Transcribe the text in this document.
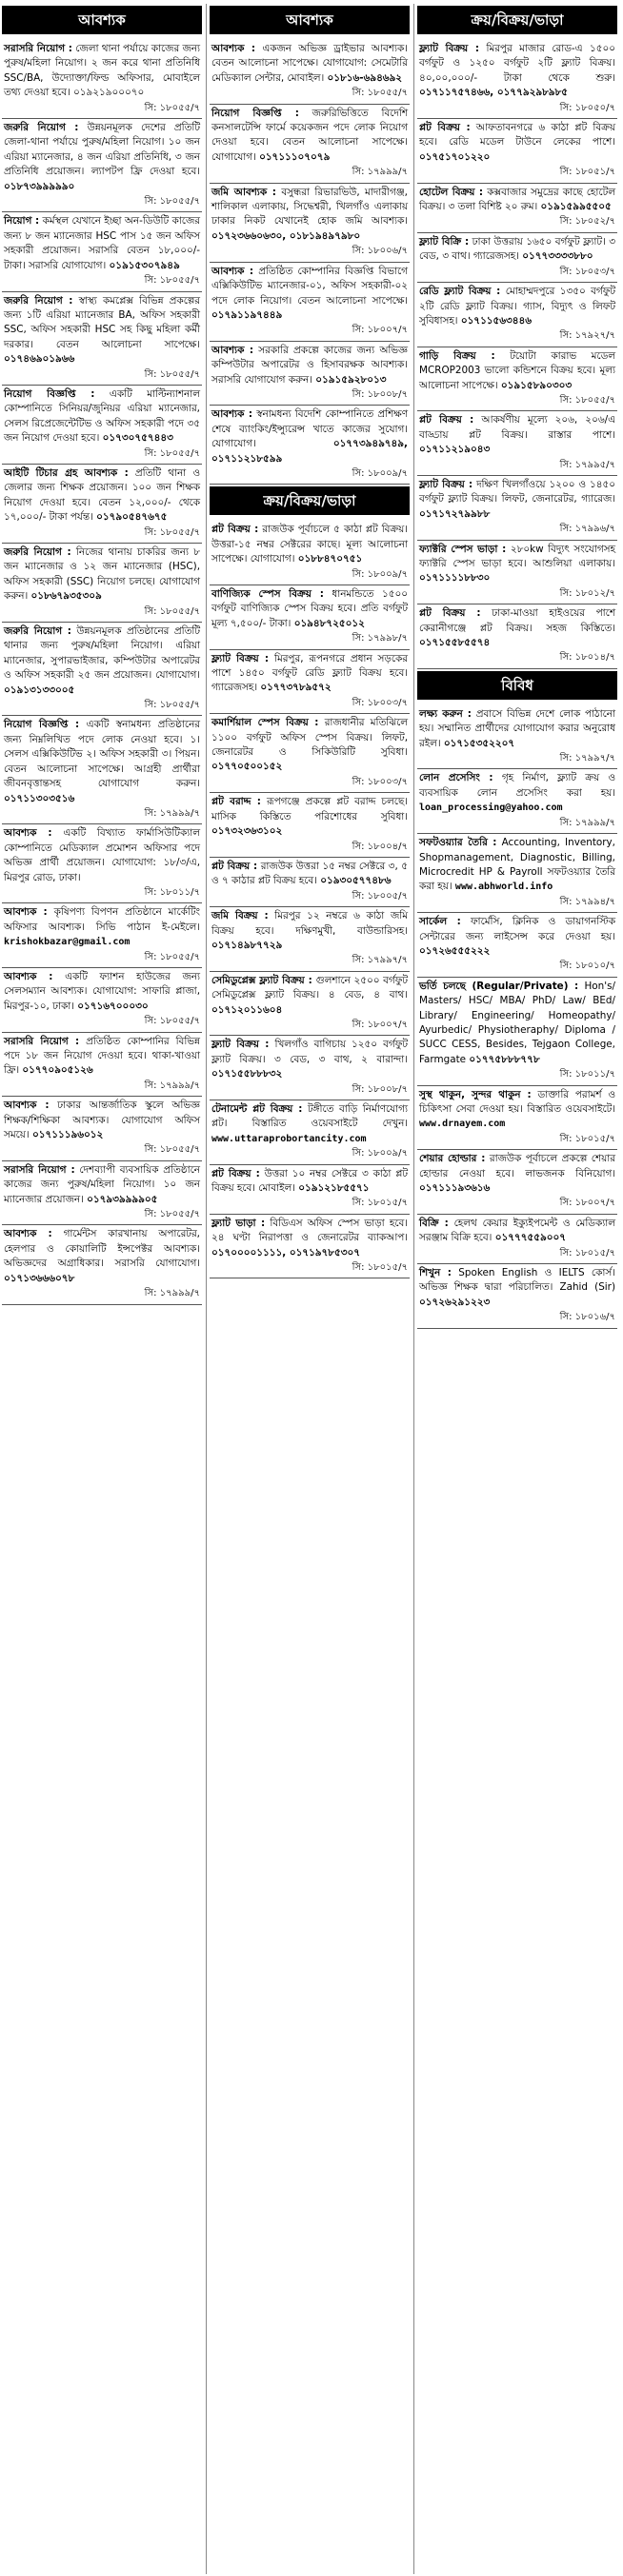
আবশ্যক
সরাসরি নিয়োগ : জেলা থানা পর্যায়ে কাজের জন্য পুরুষ/মহিলা নিয়োগ। ২ জন করে থানা প্রতিনিধি SSC/BA, উদ্যোক্তা/ফিল্ড অফিসার, মোবাইলে তথ্য দেওয়া হবে। ০১৯২১৯০০০৭০
সি: ১৮০৫৫/৭
জরুরি নিয়োগ : উন্নয়নমূলক দেশের প্রতিটি জেলা-থানা পর্যায়ে পুরুষ/মহিলা নিয়োগ। ১০ জন এরিয়া ম্যানেজার, ৪ জন এরিয়া প্রতিনিধি, ৩ জন প্রতিনিধি প্রয়োজন। ল্যাপটপ ফ্রি দেওয়া হবে। ০১৮৭৩৯৯৯৯৯০
সি: ১৮০৫৫/৭
নিয়োগ : কর্মস্থল যেখানে ইচ্ছা অন-ডিউটি কাজের জন্য ৮ জন ম্যানেজার HSC পাস ১৫ জন অফিস সহকারী প্রয়োজন। সরাসরি বেতন ১৮,০০০/- টাকা। সরাসরি যোগাযোগ। ০১৯১৫৩০৭৯৪৯
সি: ১৮০৫৫/৭
জরুরি নিয়োগ : স্বাস্থ্য কমপ্লেক্স বিভিন্ন প্রকল্পের জন্য ১টি এরিয়া ম্যানেজার BA, অফিস সহকারী SSC, অফিস সহকারী HSC সহ কিছু মহিলা কর্মী দরকার। বেতন আলোচনা সাপেক্ষে। ০১৭৪৬৯০১৯৬৬
সি: ১৮০৫৫/৭
নিয়োগ বিজ্ঞপ্তি : একটি মাল্টিন্যাশনাল কোম্পানিতে সিনিয়র/জুনিয়র এরিয়া ম্যানেজার, সেলস রিপ্রেজেন্টেটিভ ও অফিস সহকারী পদে ৩৫ জন নিয়োগ দেওয়া হবে। ০১৭৩০৭৫৭৪৪৩
সি: ১৮০৫৫/৭
আইটি টিচার গ্রহ আবশ্যক : প্রতিটি থানা ও জেলার জন্য শিক্ষক প্রয়োজন। ১০০ জন শিক্ষক নিয়োগ দেওয়া হবে। বেতন ১২,০০০/- থেকে ১৭,০০০/- টাকা পর্যন্ত। ০১৭৯০৫৪৭৬৭৫
সি: ১৮০৫৫/৭
জরুরি নিয়োগ : নিজের থানায় চাকরির জন্য ৮ জন ম্যানেজার ও ১২ জন ম্যানেজার (HSC), অফিস সহকারী (SSC) নিয়োগ চলছে। যোগাযোগ করুন। ০১৮৬৭৯৩৫৩০৯
সি: ১৮০৫৫/৭
জরুরি নিয়োগ : উন্নয়নমূলক প্রতিষ্ঠানের প্রতিটি থানার জন্য পুরুষ/মহিলা নিয়োগ। এরিয়া ম্যানেজার, সুপারভাইজার, কম্পিউটার অপারেটর ও অফিস সহকারী ২৫ জন প্রয়োজন। যোগাযোগ। ০১৯১৩১৩৩০০৫
সি: ১৮০৫৫/৭
নিয়োগ বিজ্ঞপ্তি : একটি স্বনামধন্য প্রতিষ্ঠানের জন্য নিম্নলিখিত পদে লোক নেওয়া হবে। ১। সেলস এক্সিকিউটিভ ২। অফিস সহকারী ৩। পিয়ন। বেতন আলোচনা সাপেক্ষে। আগ্রহী প্রার্থীরা জীবনবৃত্তান্তসহ যোগাযোগ করুন। ০১৭১১৩০৩৫১৬
সি: ১৭৯৯৯/৭
আবশ্যক : একটি বিখ্যাত ফার্মাসিউটিক্যাল কোম্পানিতে মেডিক্যাল প্রমোশন অফিসার পদে অভিজ্ঞ প্রার্থী প্রয়োজন। যোগাযোগ: ১৮/৩/এ, মিরপুর রোড, ঢাকা।
সি: ১৮০১১/৭
আবশ্যক : কৃষিপণ্য বিপণন প্রতিষ্ঠানে মার্কেটিং অফিসার আবশ্যক। সিভি পাঠান ই-মেইলে। krishokbazar@gmail.com
সি: ১৮০৫৫/৭
আবশ্যক : একটি ফ্যাশন হাউজের জন্য সেলসম্যান আবশ্যক। যোগাযোগ: সাফারি প্লাজা, মিরপুর-১০, ঢাকা। ০১৭১৬৭০০০৩০
সি: ১৮০৫৫/৭
সরাসরি নিয়োগ : প্রতিষ্ঠিত কোম্পানির বিভিন্ন পদে ১৮ জন নিয়োগ দেওয়া হবে। থাকা-খাওয়া ফ্রি। ০১৭৭০৯০৫১২৬
সি: ১৭৯৯৯/৭
আবশ্যক : ঢাকার আন্তর্জাতিক স্কুলে অভিজ্ঞ শিক্ষক/শিক্ষিকা আবশ্যক। যোগাযোগ অফিস সময়ে। ০১৭১১১৯৬০১২
সি: ১৮০৫৫/৭
সরাসরি নিয়োগ : দেশব্যাপী ব্যবসায়িক প্রতিষ্ঠানে কাজের জন্য পুরুষ/মহিলা নিয়োগ। ১০ জন ম্যানেজার প্রয়োজন। ০১৭৯৩৯৯৯৯০৫
সি: ১৮০৫৫/৭
আবশ্যক : গার্মেন্টস কারখানায় অপারেটর, হেলপার ও কোয়ালিটি ইন্সপেক্টর আবশ্যক। অভিজ্ঞদের অগ্রাধিকার। সরাসরি যোগাযোগ। ০১৭১৩৬৬৬০৭৮
সি: ১৭৯৯৯/৭
আবশ্যক
আবশ্যক : একজন অভিজ্ঞ ড্রাইভার আবশ্যক। বেতন আলোচনা সাপেক্ষে। যোগাযোগ: সেমেটারি মেডিক্যাল সেন্টার, মোবাইল। ০১৮১৬-৬৯৪৬৯২
সি: ১৮০৫৫/৭
নিয়োগ বিজ্ঞপ্তি : জরুরিভিত্তিতে বিদেশি কনসালটেন্সি ফার্মে কয়েকজন পদে লোক নিয়োগ দেওয়া হবে। বেতন আলোচনা সাপেক্ষে। যোগাযোগ। ০১৭১১১০৭০৭৯
সি: ১৭৯৯৯/৭
জমি আবশ্যক : বসুন্ধরা রিভারভিউ, মাদারীগঞ্জ, শালিকাল এলাকায়, সিদ্ধেশ্বরী, খিলগাঁও এলাকায় ঢাকার নিকট যেখানেই হোক জমি আবশ্যক। ০১৭২৩৬৬০৬৩০, ০১৮১৯৪৯৭৯৮০
সি: ১৮০০৬/৭
আবশ্যক : প্রতিষ্ঠিত কোম্পানির বিজ্ঞপ্তি বিভাগে এক্সিকিউটিভ ম্যানেজার-০১, অফিস সহকারী-০২ পদে লোক নিয়োগ। বেতন আলোচনা সাপেক্ষে। ০১৭৯১১৯৭৪৪৯
সি: ১৮০০৭/৭
আবশ্যক : সরকারি প্রকল্পে কাজের জন্য অভিজ্ঞ কম্পিউটার অপারেটর ও হিসাবরক্ষক আবশ্যক। সরাসরি যোগাযোগ করুন। ০১৯১৫৯২৮০১৩
সি: ১৮০০৮/৭
আবশ্যক : স্বনামধন্য বিদেশি কোম্পানিতে প্রশিক্ষণ শেষে ব্যাংকিং/ইন্স্যুরেন্স খাতে কাজের সুযোগ। যোগাযোগ।	০১৭৭৩৯৪৯৭৪৯, ০১৭১১২১৮৫৯৯
সি: ১৮০০৯/৭
ক্রয়/বিক্রয়/ভাড়া
প্লট বিক্রয় : রাজউক পূর্বাচলে ৫ কাঠা প্লট বিক্রয়। উত্তরা-১৫ নম্বর সেক্টরের কাছে। মূল্য আলোচনা সাপেক্ষে। যোগাযোগ। ০১৮৮৪৭০৭৫১
সি: ১৮০০৯/৭
বাণিজ্যিক স্পেস বিক্রয় : ধানমন্ডিতে ১৫০০ বর্গফুট বাণিজ্যিক স্পেস বিক্রয় হবে। প্রতি বর্গফুট মূল্য ৭,৫০০/- টাকা। ০১৯৪৮৭২৫০১২
সি: ১৭৯৯৮/৭
ফ্ল্যাট বিক্রয় : মিরপুর, রূপনগরে প্রধান সড়কের পাশে ১৪৫০ বর্গফুট রেডি ফ্ল্যাট বিক্রয় হবে। গ্যারেজসহ। ০১৭৭৩৭৮৯৫৭২
সি: ১৮০০৩/৭
কমার্শিয়াল স্পেস বিক্রয় : রাজধানীর মতিঝিলে ১১০০ বর্গফুট অফিস স্পেস বিক্রয়। লিফট, জেনারেটর ও সিকিউরিটি সুবিধা। ০১৭৭০৫০০১৫২
সি: ১৮০০৩/৭
প্লট বরাদ্দ : রূপগঞ্জে প্রকল্পে প্লট বরাদ্দ চলছে। মাসিক কিস্তিতে পরিশোধের সুবিধা। ০১৭৩২৩৬৩১০২
সি: ১৮০০৪/৭
প্লট বিক্রয় : রাজউক উত্তরা ১৫ নম্বর সেক্টরে ৩, ৫ ও ৭ কাঠার প্লট বিক্রয় হবে। ০১৯৩০৫৭৭৪৮৬
সি: ১৮০০৫/৭
জমি বিক্রয় : মিরপুর ১২ নম্বরে ৬ কাঠা জমি বিক্রয় হবে। দক্ষিণমুখী, বাউন্ডারিসহ। ০১৭১৪৯৮৭৭২৯
সি: ১৭৯৯৭/৭
সেমিডুপ্লেক্স ফ্ল্যাট বিক্রয় : গুলশানে ২৫০০ বর্গফুট সেমিডুপ্লেক্স ফ্ল্যাট বিক্রয়। ৪ বেড, ৪ বাথ। ০১৭১২০১১৬০৪
সি: ১৮০০৭/৭
ফ্ল্যাট বিক্রয় : খিলগাঁও বাগিচায় ১২৫০ বর্গফুট ফ্ল্যাট বিক্রয়। ৩ বেড, ৩ বাথ, ২ বারান্দা। ০১৭১৫৫৮৮৮৩২
সি: ১৮০০৮/৭
টেনামেন্ট প্লট বিক্রয় : টঙ্গীতে বাড়ি নির্মাণযোগ্য প্লট। বিস্তারিত ওয়েবসাইটে দেখুন। www.uttaraprobortancity.com
সি: ১৮০০৯/৭
প্লট বিক্রয় : উত্তরা ১০ নম্বর সেক্টরে ৩ কাঠা প্লট বিক্রয় হবে। মোবাইল। ০১৯১২১৮৫৫৭১
সি: ১৮০১৫/৭
ফ্ল্যাট ভাড়া : বিডিএস অফিস স্পেস ভাড়া হবে। ২৪ ঘণ্টা নিরাপত্তা ও জেনারেটর ব্যাকআপ। ০১৭০০০০১১১১, ০১৭১৯৭৮৫৩০৭
সি: ১৮০১৫/৭
ক্রয়/বিক্রয়/ভাড়া
ফ্ল্যাট বিক্রয় : মিরপুর মাজার রোড-এ ১৫০০ বর্গফুট ও ১২৫০ বর্গফুট ২টি ফ্ল্যাট বিক্রয়। ৪০,০০,০০০/- টাকা থেকে শুরু। ০১৭১১৭৫৭৪৬৬, ০১৭৭৯২৯৮৯৮৫
সি: ১৮০৫০/৭
প্লট বিক্রয় : আফতাবনগরে ৬ কাঠা প্লট বিক্রয় হবে। রেডি মডেল টাউনে লেকের পাশে। ০১৭৫১৭০১২২০
সি: ১৮০৫১/৭
হোটেল বিক্রয় : কক্সবাজার সমুদ্রের কাছে হোটেল বিক্রয়। ৩ তলা বিশিষ্ট ২০ রুম। ০১৯১৫৯৯৫৫০৫
সি: ১৮০৫২/৭
ফ্ল্যাট বিক্রি : ঢাকা উত্তরায় ১৬৫০ বর্গফুট ফ্ল্যাট। ৩ বেড, ৩ বাথ। গ্যারেজসহ। ০১৭৭৩৩৩৩৮৮০
সি: ১৮০৫৩/৭
রেডি ফ্ল্যাট বিক্রয় : মোহাম্মদপুরে ১৩৫০ বর্গফুট ২টি রেডি ফ্ল্যাট বিক্রয়। গ্যাস, বিদ্যুৎ ও লিফট সুবিধাসহ। ০১৭১১৫৬৩৪৪৬
সি: ১৭৯২৭/৭
গাড়ি বিক্রয় : টয়োটা কারাভ মডেল MCROP2003 ভালো কন্ডিশনে বিক্রয় হবে। মূল্য আলোচনা সাপেক্ষে। ০১৯১৫৮৯০৩০৩
সি: ১৮০৫৫/৭
প্লট বিক্রয় : আকর্ষণীয় মূল্যে ২০৬, ২০৬/এ বাড্ডায় প্লট বিক্রয়। রাস্তার পাশে। ০১৭১১২১৯০৪৩
সি: ১৭৯৯৫/৭
ফ্ল্যাট বিক্রয় : দক্ষিণ খিলগাঁওয়ে ১২০০ ও ১৪৫০ বর্গফুট ফ্ল্যাট বিক্রয়। লিফট, জেনারেটর, গ্যারেজ। ০১৭১৭২৭৯৯৮৮
সি: ১৭৯৯৬/৭
ফ্যাক্টরি স্পেস ভাড়া : ২৮০kw বিদ্যুৎ সংযোগসহ ফ্যাক্টরি স্পেস ভাড়া হবে। আশুলিয়া এলাকায়। ০১৭১১১১৮৮৩০
সি: ১৮০১২/৭
প্লট বিক্রয় : ঢাকা-মাওয়া হাইওয়ের পাশে কেরানীগঞ্জে প্লট বিক্রয়। সহজ কিস্তিতে। ০১৭১৫৫৮৫৫৭৪
সি: ১৮০১৪/৭
বিবিধ
লক্ষ্য করুন : প্রবাসে বিভিন্ন দেশে লোক পাঠানো হয়। সম্মানিত প্রার্থীদের যোগাযোগ করার অনুরোধ রইল। ০১৭১৫৩৫২২০৭
সি: ১৭৯৯৭/৭
লোন প্রসেসিং : গৃহ নির্মাণ, ফ্ল্যাট ক্রয় ও ব্যবসায়িক লোন প্রসেসিং করা হয়। loan_processing@yahoo.com
সি: ১৭৯৯৯/৭
সফটওয়্যার তৈরি : Accounting, Inventory, Shopmanagement, Diagnostic, Billing, Microcredit HP & Payroll সফটওয়্যার তৈরি করা হয়। www.abhworld.info
সি: ১৭৯৯৪/৭
সার্কেল : ফার্মেসি, ক্লিনিক ও ডায়াগনস্টিক সেন্টারের জন্য লাইসেন্স করে দেওয়া হয়। ০১৭২৬৫৫৫২২২
সি: ১৮০১০/৭
ভর্তি চলছে (Regular/Private) : Hon's/ Masters/ HSC/ MBA/ PhD/ Law/ BEd/ Library/ Engineering/ Homeopathy/ Ayurbedic/ Physiotheraphy/ Diploma / SUCC CESS, Besides, Tejgaon College, Farmgate ০১৭৭৫৮৮৮৭৭৮
সি: ১৮০১১/৭
সুস্থ থাকুন, সুন্দর থাকুন : ডাক্তারি পরামর্শ ও চিকিৎসা সেবা দেওয়া হয়। বিস্তারিত ওয়েবসাইটে। www.drnayem.com
সি: ১৮০১৫/৭
শেয়ার হোল্ডার : রাজউক পূর্বাচলে প্রকল্পে শেয়ার হোল্ডার নেওয়া হবে। লাভজনক বিনিয়োগ। ০১৭১১১৯৩৬১৬
সি: ১৮০০৭/৭
বিক্রি : হেলথ কেয়ার ইক্যুইপমেন্ট ও মেডিক্যাল সরঞ্জাম বিক্রি হবে। ০১৭৭৭৫৫৯০০৭
সি: ১৮০১৫/৭
শিখুন : Spoken English ও IELTS কোর্স। অভিজ্ঞ শিক্ষক দ্বারা পরিচালিত। Zahid (Sir) ০১৭২৬২৯১২২৩
সি: ১৮০১৬/৭
